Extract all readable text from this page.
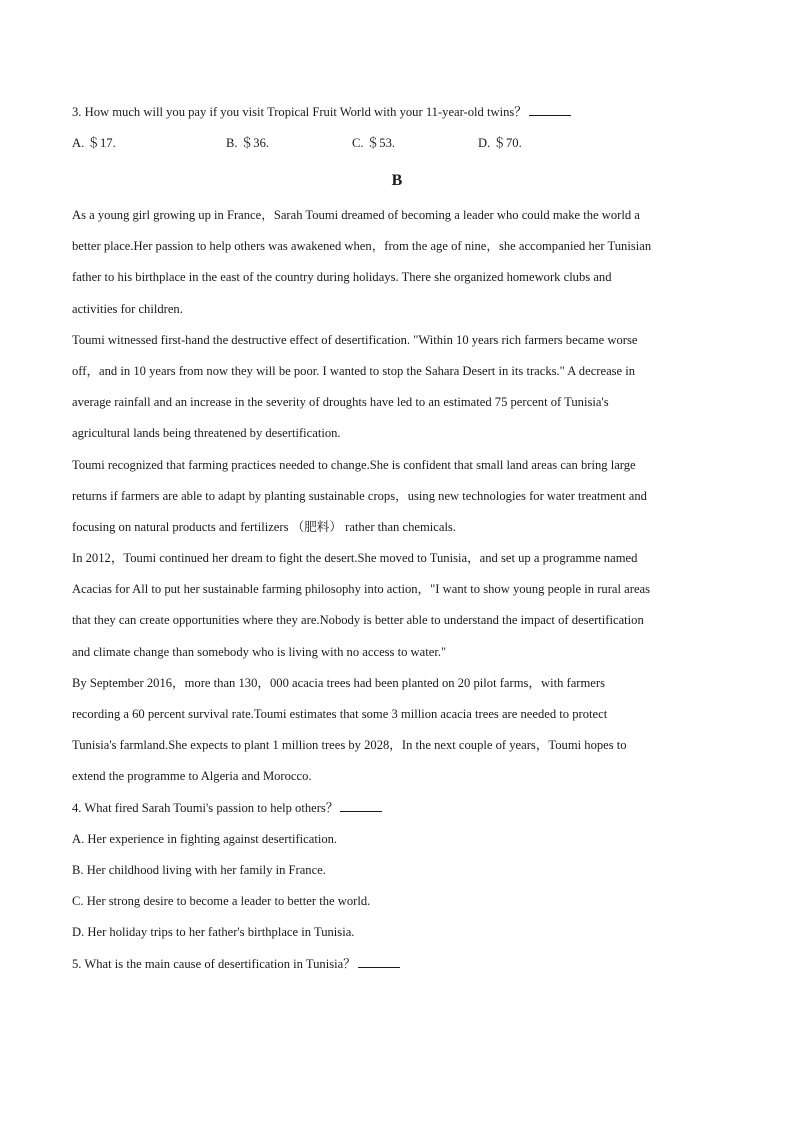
3. How much will you pay if you visit Tropical Fruit World with your 11-year-old twins？
A. ＄17.	B. ＄36.	C. ＄53.	D. ＄70.
B
As a young girl growing up in France，Sarah Toumi dreamed of becoming a leader who could make the world a
better place.Her passion to help others was awakened when，from the age of nine，she accompanied her Tunisian
father to his birthplace in the east of the country during holidays. There she organized homework clubs and
activities for children.
Toumi witnessed first-hand the destructive effect of desertification. "Within 10 years rich farmers became worse
off，and in 10 years from now they will be poor. I wanted to stop the Sahara Desert in its tracks." A decrease in
average rainfall and an increase in the severity of droughts have led to an estimated 75 percent of Tunisia's
agricultural lands being threatened by desertification.
Toumi recognized that farming practices needed to change.She is confident that small land areas can bring large
returns if farmers are able to adapt by planting sustainable crops，using new technologies for water treatment and
focusing on natural products and fertilizers （肥料） rather than chemicals.
In 2012，Toumi continued her dream to fight the desert.She moved to Tunisia，and set up a programme named
Acacias for All to put her sustainable farming philosophy into action，"I want to show young people in rural areas
that they can create opportunities where they are.Nobody is better able to understand the impact of desertification
and climate change than somebody who is living with no access to water."
By September 2016，more than 130，000 acacia trees had been planted on 20 pilot farms，with farmers
recording a 60 percent survival rate.Toumi estimates that some 3 million acacia trees are needed to protect
Tunisia's farmland.She expects to plant 1 million trees by 2028，In the next couple of years，Toumi hopes to
extend the programme to Algeria and Morocco.
4. What fired Sarah Toumi's passion to help others？
A. Her experience in fighting against desertification.
B. Her childhood living with her family in France.
C. Her strong desire to become a leader to better the world.
D. Her holiday trips to her father's birthplace in Tunisia.
5. What is the main cause of desertification in Tunisia？
